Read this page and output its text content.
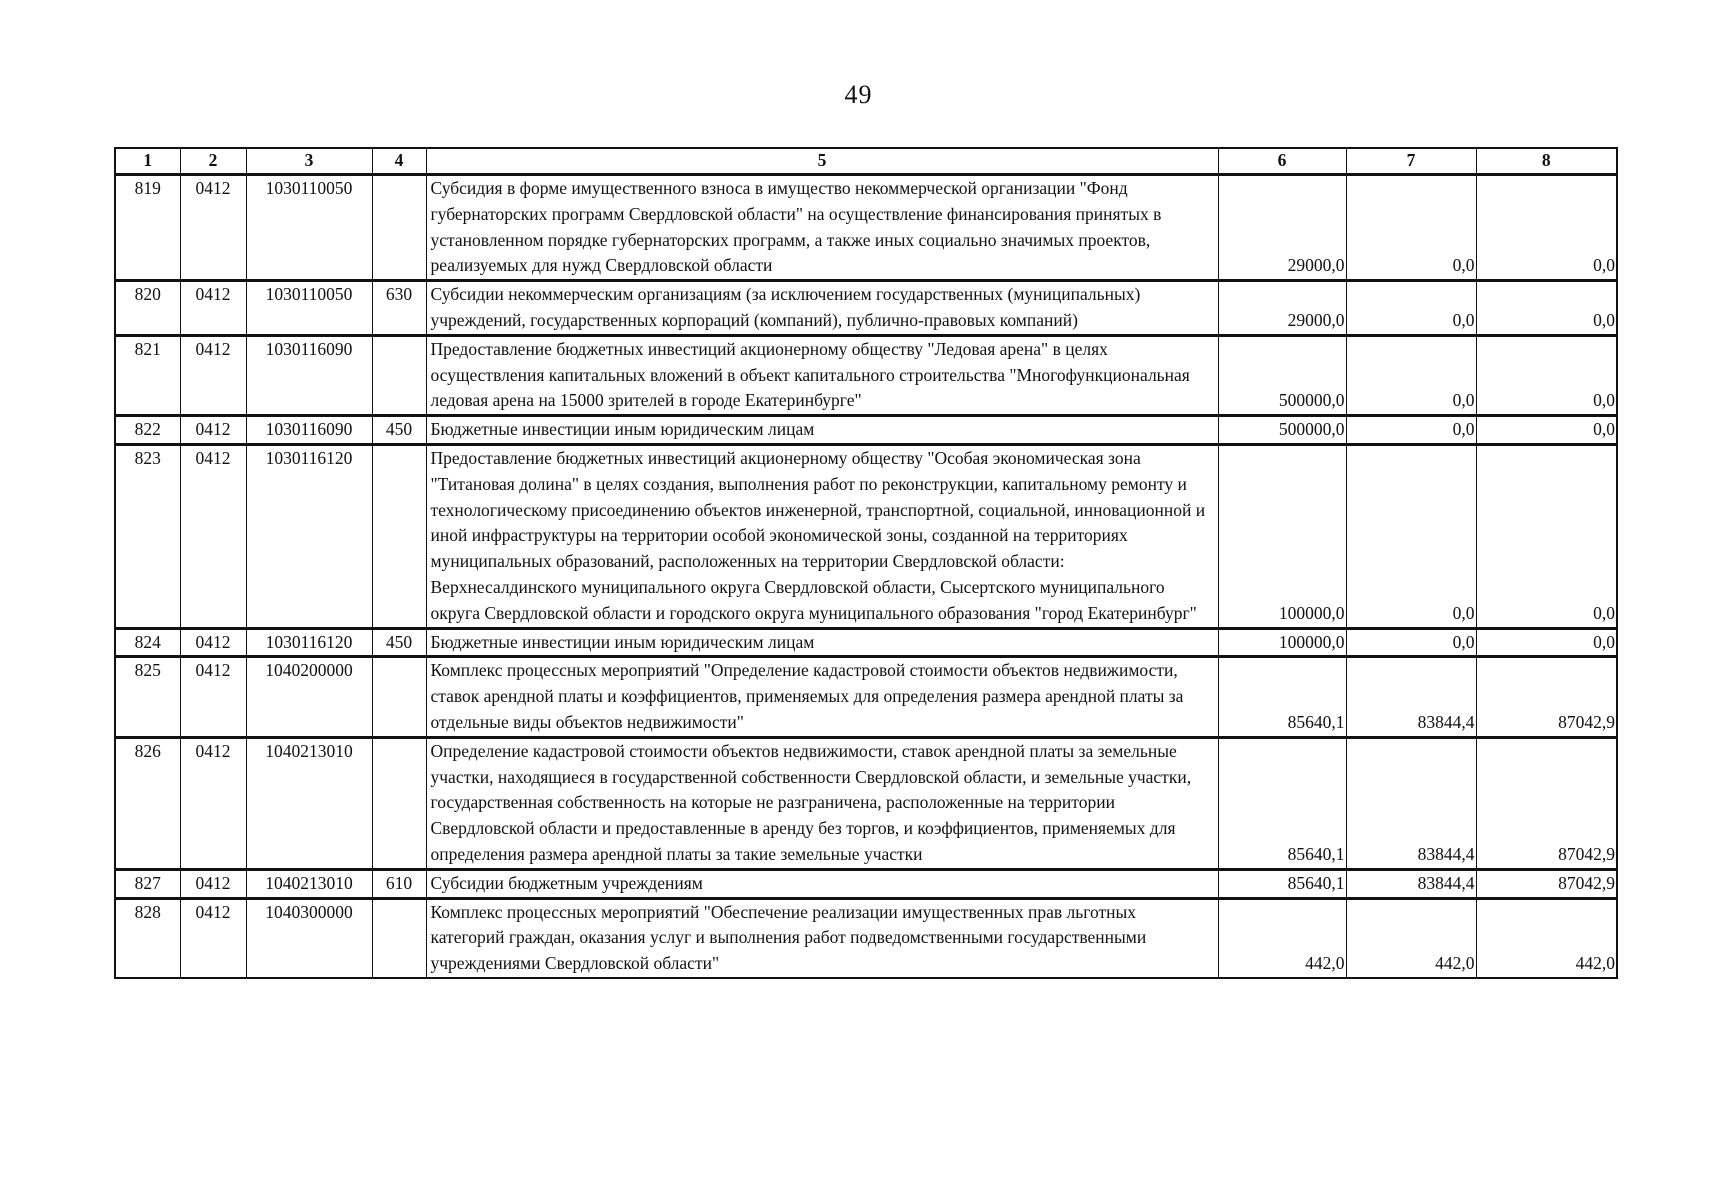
49
1	2	3	4	5	6	7	8
819	0412	1030110050		Субсидия в форме имущественного взноса в имущество некоммерческой организации "Фонд губернаторских программ Свердловской области" на осуществление финансирования принятых в установленном порядке губернаторских программ, а также иных социально значимых проектов, реализуемых для нужд Свердловской области	29000,0	0,0	0,0
820	0412	1030110050	630	Субсидии некоммерческим организациям (за исключением государственных (муниципальных) учреждений, государственных корпораций (компаний), публично-правовых компаний)	29000,0	0,0	0,0
821	0412	1030116090		Предоставление бюджетных инвестиций акционерному обществу "Ледовая арена" в целях осуществления капитальных вложений в объект капитального строительства "Многофункциональная ледовая арена на 15000 зрителей в городе Екатеринбурге"	500000,0	0,0	0,0
822	0412	1030116090	450	Бюджетные инвестиции иным юридическим лицам	500000,0	0,0	0,0
823	0412	1030116120		Предоставление бюджетных инвестиций акционерному обществу "Особая экономическая зона "Титановая долина" в целях создания, выполнения работ по реконструкции, капитальному ремонту и технологическому присоединению объектов инженерной, транспортной, социальной, инновационной и иной инфраструктуры на территории особой экономической зоны, созданной на территориях муниципальных образований, расположенных на территории Свердловской области: Верхнесалдинского муниципального округа Свердловской области, Сысертского муниципального округа Свердловской области и городского округа муниципального образования "город Екатеринбург"	100000,0	0,0	0,0
824	0412	1030116120	450	Бюджетные инвестиции иным юридическим лицам	100000,0	0,0	0,0
825	0412	1040200000		Комплекс процессных мероприятий "Определение кадастровой стоимости объектов недвижимости, ставок арендной платы и коэффициентов, применяемых для определения размера арендной платы за отдельные виды объектов недвижимости"	85640,1	83844,4	87042,9
826	0412	1040213010		Определение кадастровой стоимости объектов недвижимости, ставок арендной платы за земельные участки, находящиеся в государственной собственности Свердловской области, и земельные участки, государственная собственность на которые не разграничена, расположенные на территории Свердловской области и предоставленные в аренду без торгов, и коэффициентов, применяемых для определения размера арендной платы за такие земельные участки	85640,1	83844,4	87042,9
827	0412	1040213010	610	Субсидии бюджетным учреждениям	85640,1	83844,4	87042,9
828	0412	1040300000		Комплекс процессных мероприятий "Обеспечение реализации имущественных прав льготных категорий граждан, оказания услуг и выполнения работ подведомственными государственными учреждениями Свердловской области"	442,0	442,0	442,0
